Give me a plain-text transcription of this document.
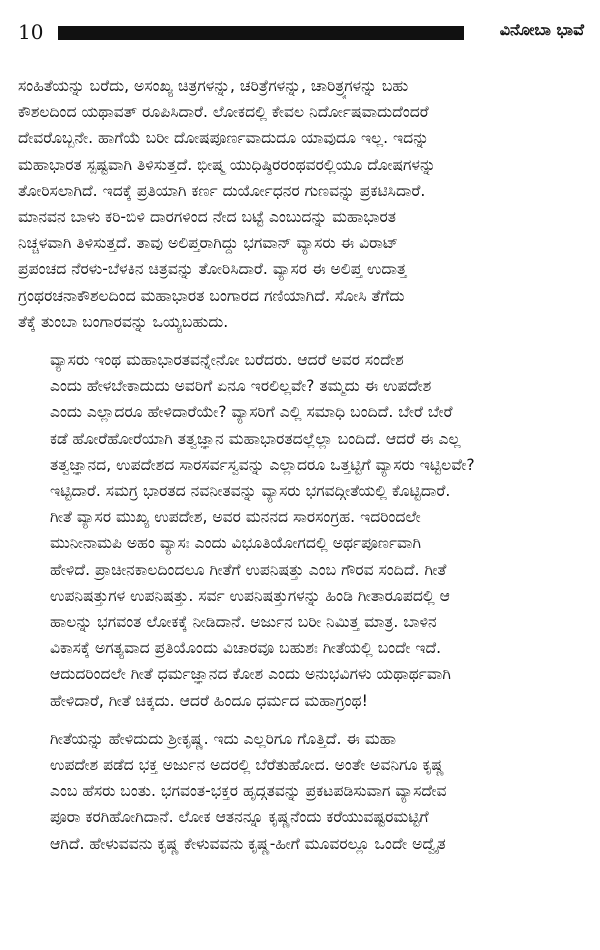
10	ವಿನೋಬಾ ಭಾವೆ
ಸಂಹಿತೆಯನ್ನು ಬರೆದು, ಅಸಂಖ್ಯ ಚಿತ್ರಗಳನ್ನು, ಚರಿತ್ರೆಗಳನ್ನು, ಚಾರಿತ್ರ್ಯಗಳನ್ನು ಬಹು
ಕೌಶಲದಿಂದ ಯಥಾವತ್ ರೂಪಿಸಿದಾರೆ. ಲೋಕದಲ್ಲಿ ಕೇವಲ ನಿರ್ದೋಷವಾದುದೆಂದರೆ
ದೇವರೊಬ್ಬನೇ. ಹಾಗೆಯೆ ಬರೀ ದೋಷಪೂರ್ಣವಾದುದೂ ಯಾವುದೂ ಇಲ್ಲ. ಇದನ್ನು
ಮಹಾಭಾರತ ಸ್ಪಷ್ಟವಾಗಿ ತಿಳಿಸುತ್ತದೆ. ಭೀಷ್ಮ ಯುಧಿಷ್ಠಿರರಂಥವರಲ್ಲಿಯೂ ದೋಷಗಳನ್ನು
ತೋರಿಸಲಾಗಿದೆ. ಇದಕ್ಕೆ ಪ್ರತಿಯಾಗಿ ಕರ್ಣ ದುರ್ಯೋಧನರ ಗುಣವನ್ನು ಪ್ರಕಟಿಸಿದಾರೆ.
ಮಾನವನ ಬಾಳು ಕರಿ-ಬಿಳಿ ದಾರಗಳಿಂದ ನೇದ ಬಟ್ಟೆ ಎಂಬುದನ್ನು ಮಹಾಭಾರತ
ನಿಚ್ಚಳವಾಗಿ ತಿಳಿಸುತ್ತದೆ. ತಾವು ಅಲಿಪ್ತರಾಗಿದ್ದು ಭಗವಾನ್ ವ್ಯಾಸರು ಈ ವಿರಾಟ್
ಪ್ರಪಂಚದ ನೆರಳು-ಬೆಳಕಿನ ಚಿತ್ರವನ್ನು ತೋರಿಸಿದಾರೆ. ವ್ಯಾಸರ ಈ ಅಲಿಪ್ತ ಉದಾತ್ತ
ಗ್ರಂಥರಚನಾಕೌಶಲದಿಂದ ಮಹಾಭಾರತ ಬಂಗಾರದ ಗಣಿಯಾಗಿದೆ. ಸೋಸಿ ತೆಗೆದು
ತೆಕ್ಕೆ ತುಂಬಾ ಬಂಗಾರವನ್ನು ಒಯ್ಯಬಹುದು.
ವ್ಯಾಸರು ಇಂಥ ಮಹಾಭಾರತವನ್ನೇನೋ ಬರೆದರು. ಆದರೆ ಅವರ ಸಂದೇಶ
ಎಂದು ಹೇಳಬೇಕಾದುದು ಅವರಿಗೆ ಏನೂ ಇರಲಿಲ್ಲವೇ? ತಮ್ಮದು ಈ ಉಪದೇಶ
ಎಂದು ಎಲ್ಲಾದರೂ ಹೇಳಿದಾರೆಯೇ? ವ್ಯಾಸರಿಗೆ ಎಲ್ಲಿ ಸಮಾಧಿ ಬಂದಿದೆ. ಬೇರೆ ಬೇರೆ
ಕಡೆ ಹೋರೆಹೋರೆಯಾಗಿ ತತ್ವಜ್ಞಾನ ಮಹಾಭಾರತದಲ್ಲೆಲ್ಲಾ ಬಂದಿದೆ. ಆದರೆ ಈ ಎಲ್ಲ
ತತ್ವಜ್ಞಾನದ, ಉಪದೇಶದ ಸಾರಸರ್ವಸ್ವವನ್ನು ಎಲ್ಲಾದರೂ ಒತ್ತಟ್ಟಿಗೆ ವ್ಯಾಸರು ಇಟ್ಟಿಲವೇ?
ಇಟ್ಟಿದಾರೆ. ಸಮಗ್ರ ಭಾರತದ ನವನೀತವನ್ನು ವ್ಯಾಸರು ಭಗವದ್ಗೀತೆಯಲ್ಲಿ ಕೊಟ್ಟಿದಾರೆ.
ಗೀತೆ ವ್ಯಾಸರ ಮುಖ್ಯ ಉಪದೇಶ, ಅವರ ಮನನದ ಸಾರಸಂಗ್ರಹ. ಇದರಿಂದಲೇ
ಮುನೀನಾಮಪಿ ಅಹಂ ವ್ಯಾಸಃ ಎಂದು ವಿಭೂತಿಯೋಗದಲ್ಲಿ ಅರ್ಥಪೂರ್ಣವಾಗಿ
ಹೇಳಿದೆ. ಪ್ರಾಚೀನಕಾಲದಿಂದಲೂ ಗೀತೆಗೆ ಉಪನಿಷತ್ತು ಎಂಬ ಗೌರವ ಸಂದಿದೆ. ಗೀತೆ
ಉಪನಿಷತ್ತುಗಳ ಉಪನಿಷತ್ತು. ಸರ್ವ ಉಪನಿಷತ್ತುಗಳನ್ನು ಹಿಂಡಿ ಗೀತಾರೂಪದಲ್ಲಿ ಆ
ಹಾಲನ್ನು ಭಗವಂತ ಲೋಕಕ್ಕೆ ನೀಡಿದಾನೆ. ಅರ್ಜುನ ಬರೀ ನಿಮಿತ್ತ ಮಾತ್ರ. ಬಾಳಿನ
ವಿಕಾಸಕ್ಕೆ ಅಗತ್ಯವಾದ ಪ್ರತಿಯೊಂದು ವಿಚಾರವೂ ಬಹುಶಃ ಗೀತೆಯಲ್ಲಿ ಬಂದೇ ಇದೆ.
ಆದುದರಿಂದಲೇ ಗೀತೆ ಧರ್ಮಜ್ಞಾನದ ಕೋಶ ಎಂದು ಅನುಭವಿಗಳು ಯಥಾರ್ಥವಾಗಿ
ಹೇಳಿದಾರೆ, ಗೀತೆ ಚಿಕ್ಕದು. ಆದರೆ ಹಿಂದೂ ಧರ್ಮದ ಮಹಾಗ್ರಂಥ!
ಗೀತೆಯನ್ನು ಹೇಳಿದುದು ಶ್ರೀಕೃಷ್ಣ. ಇದು ಎಲ್ಲರಿಗೂ ಗೊತ್ತಿದೆ. ಈ ಮಹಾ
ಉಪದೇಶ ಪಡೆದ ಭಕ್ತ ಅರ್ಜುನ ಅದರಲ್ಲಿ ಬೆರೆತುಹೋದ. ಅಂತೇ ಅವನಿಗೂ ಕೃಷ್ಣ
ಎಂಬ ಹೆಸರು ಬಂತು. ಭಗವಂತ-ಭಕ್ತರ ಹೃದ್ಗತವನ್ನು ಪ್ರಕಟಪಡಿಸುವಾಗ ವ್ಯಾಸದೇವ
ಪೂರಾ ಕರಗಿಹೋಗಿದಾನೆ. ಲೋಕ ಆತನನ್ನೂ ಕೃಷ್ಣನೆಂದು ಕರೆಯುವಷ್ಟರಮಟ್ಟಿಗೆ
ಆಗಿದೆ. ಹೇಳುವವನು ಕೃಷ್ಣ ಕೇಳುವವನು ಕೃಷ್ಣ-ಹೀಗೆ ಮೂವರಲ್ಲೂ ಒಂದೇ ಅದ್ವೈತ
